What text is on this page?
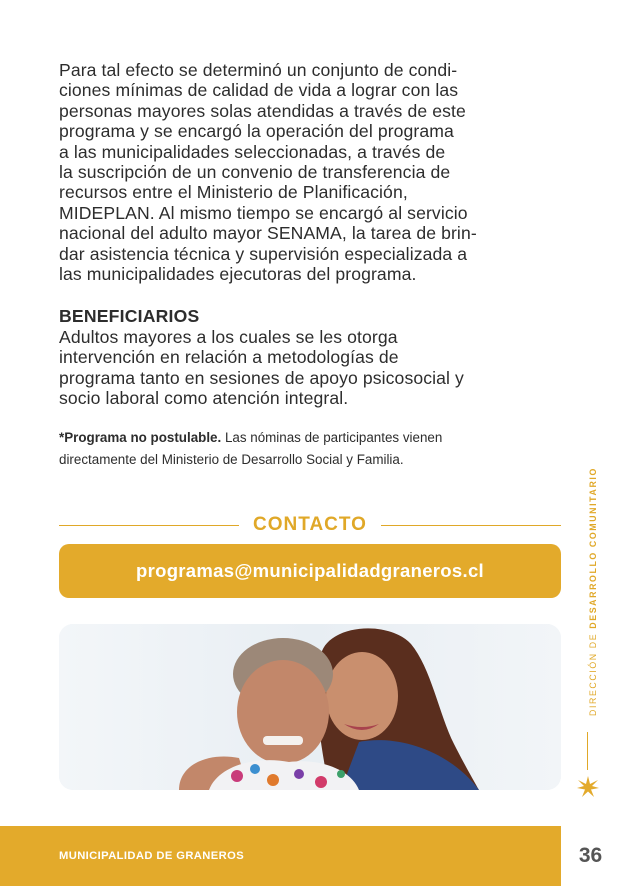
Para tal efecto se determinó un conjunto de condi-
ciones mínimas de calidad de vida a lograr con las
personas mayores solas atendidas a través de este
programa y se encargó la operación del programa
a las municipalidades seleccionadas, a través de
la suscripción de un convenio de transferencia de
recursos entre el Ministerio de Planificación,
MIDEPLAN. Al mismo tiempo se encargó al servicio
nacional del adulto mayor SENAMA, la tarea de brin-
dar asistencia técnica y supervisión especializada a
las municipalidades ejecutoras del programa.

BENEFICIARIOS

Adultos mayores a los cuales se les otorga
intervención en relación a metodologías de
programa tanto en sesiones de apoyo psicosocial y
socio laboral como atención integral.

*Programa no postulable. Las nóminas de participantes vienen
directamente del Ministerio de Desarrollo Social y Familia.

CONTACTO
programas@municipalidadgraneros.cl
DIRECCIÓN DE DESARROLLO COMUNITARIO
MUNICIPALIDAD DE GRANEROS	36
